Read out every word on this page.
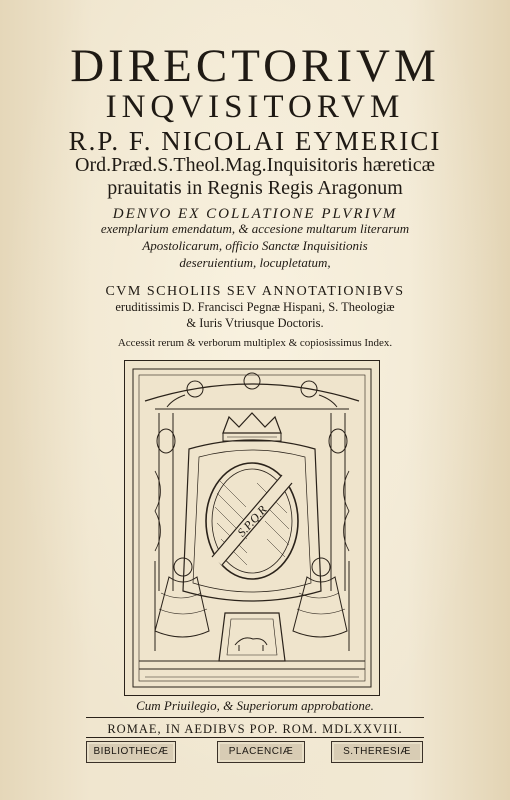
DIRECTORIVM
INQVISITORVM
R.P. F. NICOLAI EYMERICI
Ord.Præd.S.Theol.Mag.Inquisitoris hæreticæ
prauitatis in Regnis Regis Aragonum
DENVO EX COLLATIONE PLVRIVM
exemplarium emendatum, & accesione multarum literarum
Apostolicarum, officio Sanctæ Inquisitionis
deseruientium, locupletatum,
CVM SCHOLIIS SEV ANNOTATIONIBVS
eruditissimis D. Francisci Pegnæ Hispani, S. Theologiæ
& Iuris Vtriusque Doctoris.
Accessit rerum & verborum multiplex & copiosissimus Index.
S.P.Q.R
Cum Priuilegio, & Superiorum approbatione.
ROMAE, IN AEDIBVS POP. ROM. MDLXXVIII.
BIBLIOTHECÆ	PLACENCIÆ	S.THERESIÆ
